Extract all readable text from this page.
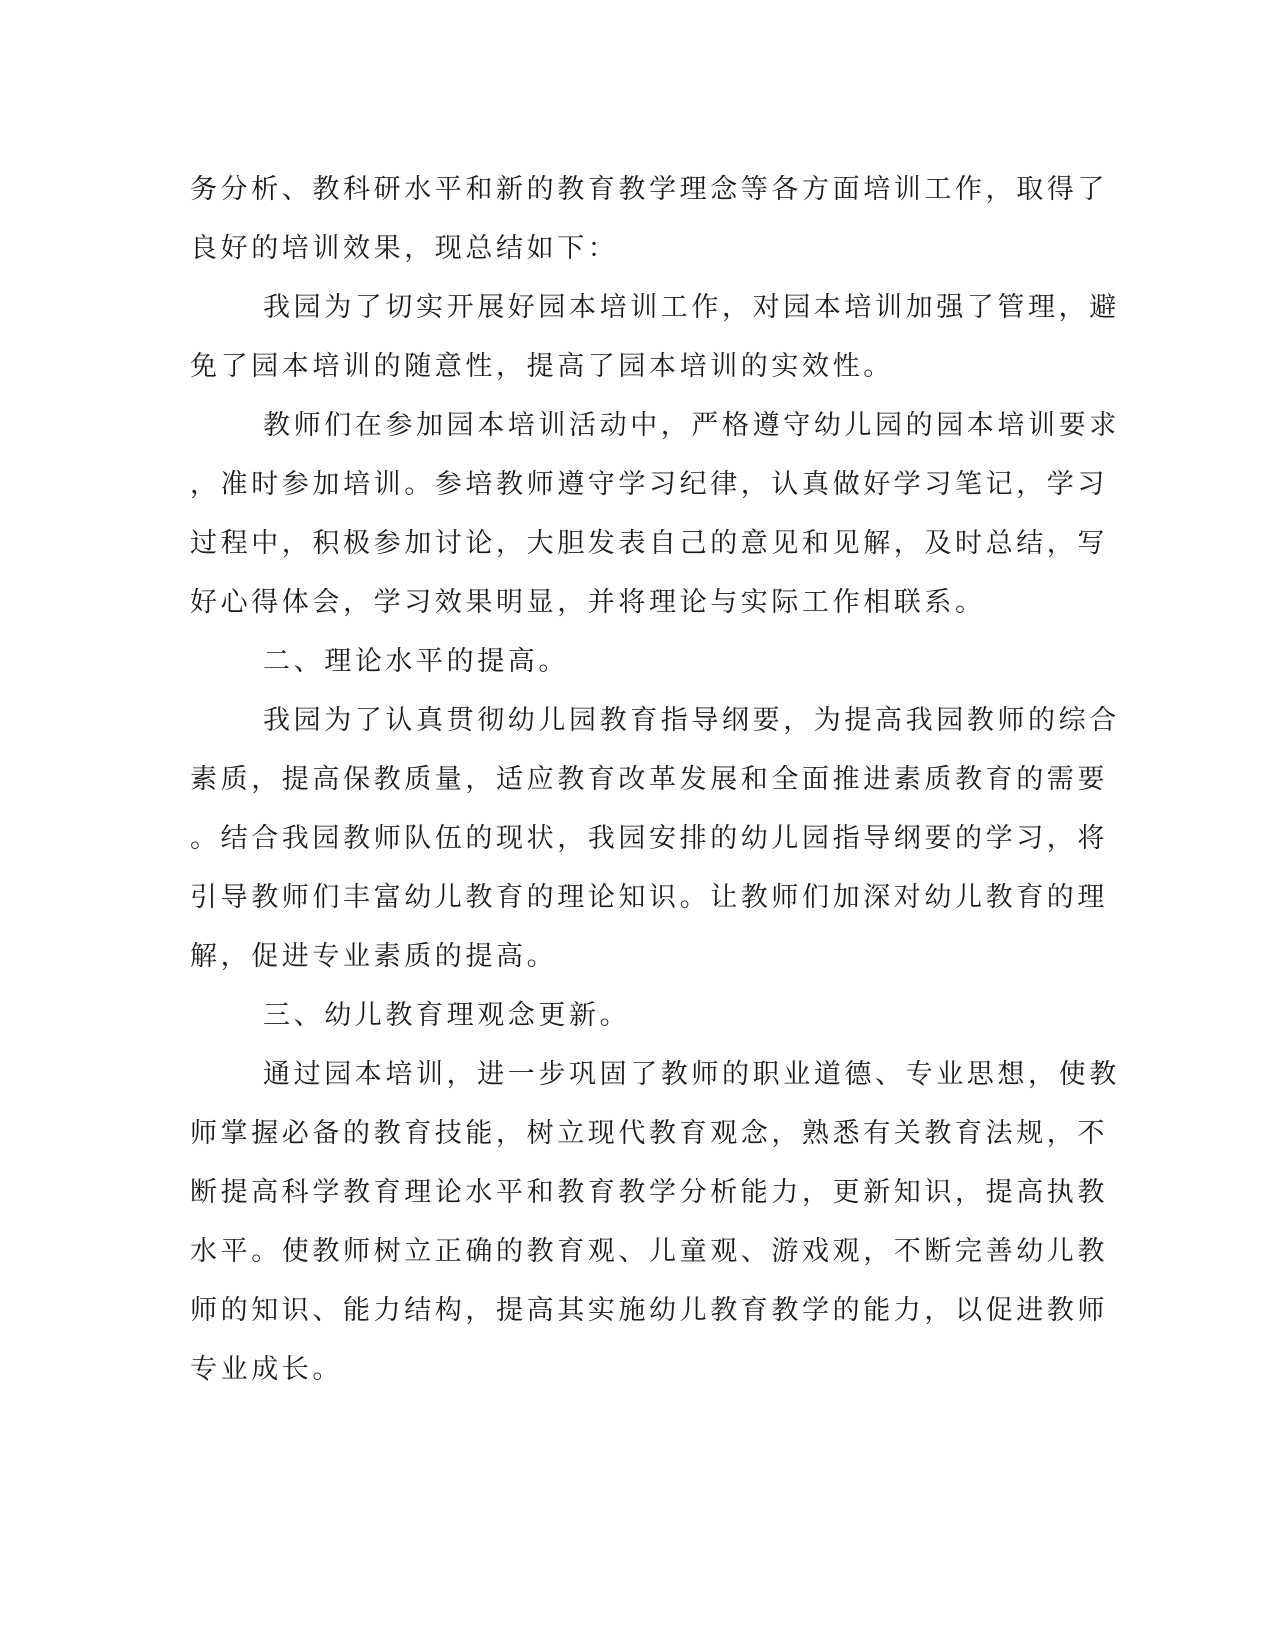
务分析、教科研水平和新的教育教学理念等各方面培训工作，取得了
良好的培训效果，现总结如下：

我园为了切实开展好园本培训工作，对园本培训加强了管理，避
免了园本培训的随意性，提高了园本培训的实效性。

教师们在参加园本培训活动中，严格遵守幼儿园的园本培训要求
，准时参加培训。参培教师遵守学习纪律，认真做好学习笔记，学习
过程中，积极参加讨论，大胆发表自己的意见和见解，及时总结，写
好心得体会，学习效果明显，并将理论与实际工作相联系。

二、理论水平的提高。

我园为了认真贯彻幼儿园教育指导纲要，为提高我园教师的综合
素质，提高保教质量，适应教育改革发展和全面推进素质教育的需要
。结合我园教师队伍的现状，我园安排的幼儿园指导纲要的学习，将
引导教师们丰富幼儿教育的理论知识。让教师们加深对幼儿教育的理
解，促进专业素质的提高。

三、幼儿教育理观念更新。

通过园本培训，进一步巩固了教师的职业道德、专业思想，使教
师掌握必备的教育技能，树立现代教育观念，熟悉有关教育法规，不
断提高科学教育理论水平和教育教学分析能力，更新知识，提高执教
水平。使教师树立正确的教育观、儿童观、游戏观，不断完善幼儿教
师的知识、能力结构，提高其实施幼儿教育教学的能力，以促进教师
专业成长。
